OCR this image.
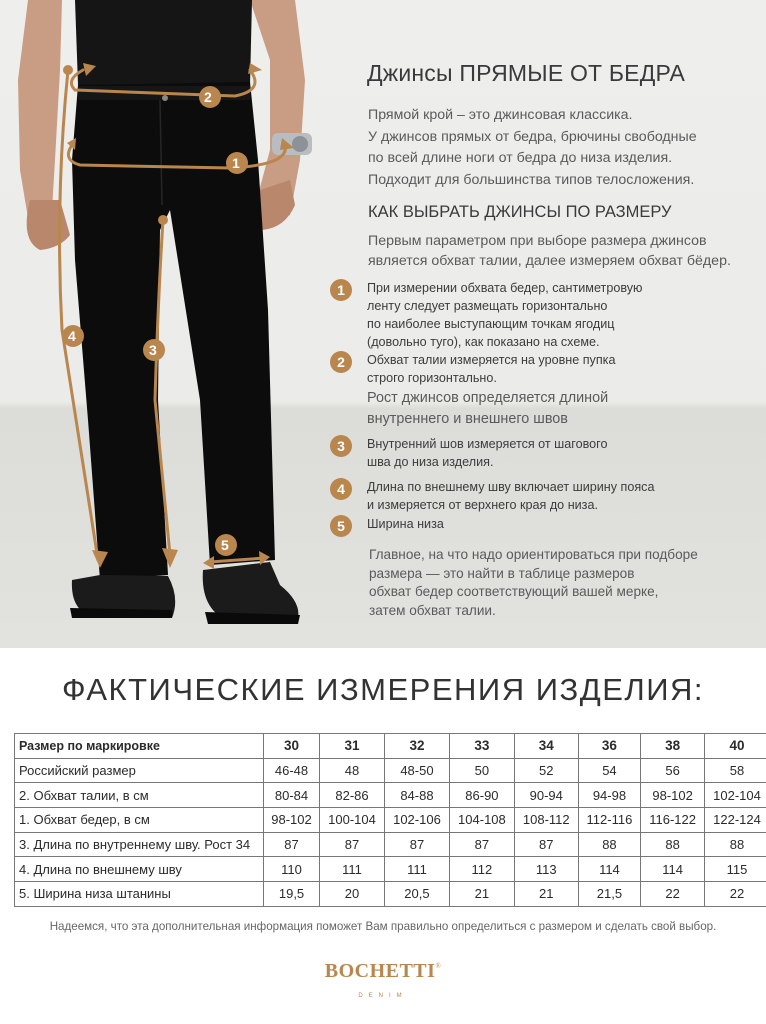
2
1
3
4
5
Джинсы ПРЯМЫЕ ОТ БЕДРА
Прямой крой – это джинсовая классика.
У джинсов прямых от бедра, брючины свободные
по всей длине ноги от бедра до низа изделия.
Подходит для большинства типов телосложения.
КАК ВЫБРАТЬ ДЖИНСЫ ПО РАЗМЕРУ
Первым параметром при выборе размера джинсов
является обхват талии, далее измеряем обхват бёдер.
1	При измерении обхвата бедер, сантиметровую
ленту следует размещать горизонтально
по наиболее выступающим точкам ягодиц
(довольно туго), как показано на схеме.
2	Обхват талии измеряется на уровне пупка
строго горизонтально.
Рост джинсов определяется длиной
внутреннего и внешнего швов
3	Внутренний шов измеряется от шагового
шва до низа изделия.
4	Длина по внешнему шву включает ширину пояса
и измеряется от верхнего края до низа.
5	Ширина низа
Главное, на что надо ориентироваться при подборе
размера — это найти в таблице размеров
обхват бедер соответствующий вашей мерке,
затем обхват талии.
ФАКТИЧЕСКИЕ ИЗМЕРЕНИЯ ИЗДЕЛИЯ:
Размер по маркировке	30	31	32	33	34	36	38	40
Российский размер	46-48	48	48-50	50	52	54	56	58
2. Обхват талии, в см	80-84	82-86	84-88	86-90	90-94	94-98	98-102	102-104
1. Обхват бедер, в см	98-102	100-104	102-106	104-108	108-112	112-116	116-122	122-124
3. Длина по внутреннему шву. Рост 34	87	87	87	87	87	88	88	88
4. Длина по внешнему шву	110	111	111	112	113	114	114	115
5. Ширина низа штанины	19,5	20	20,5	21	21	21,5	22	22
Надеемся, что эта дополнительная информация поможет Вам правильно определиться с размером и сделать свой выбор.
BOCHETTI®
DENIM
